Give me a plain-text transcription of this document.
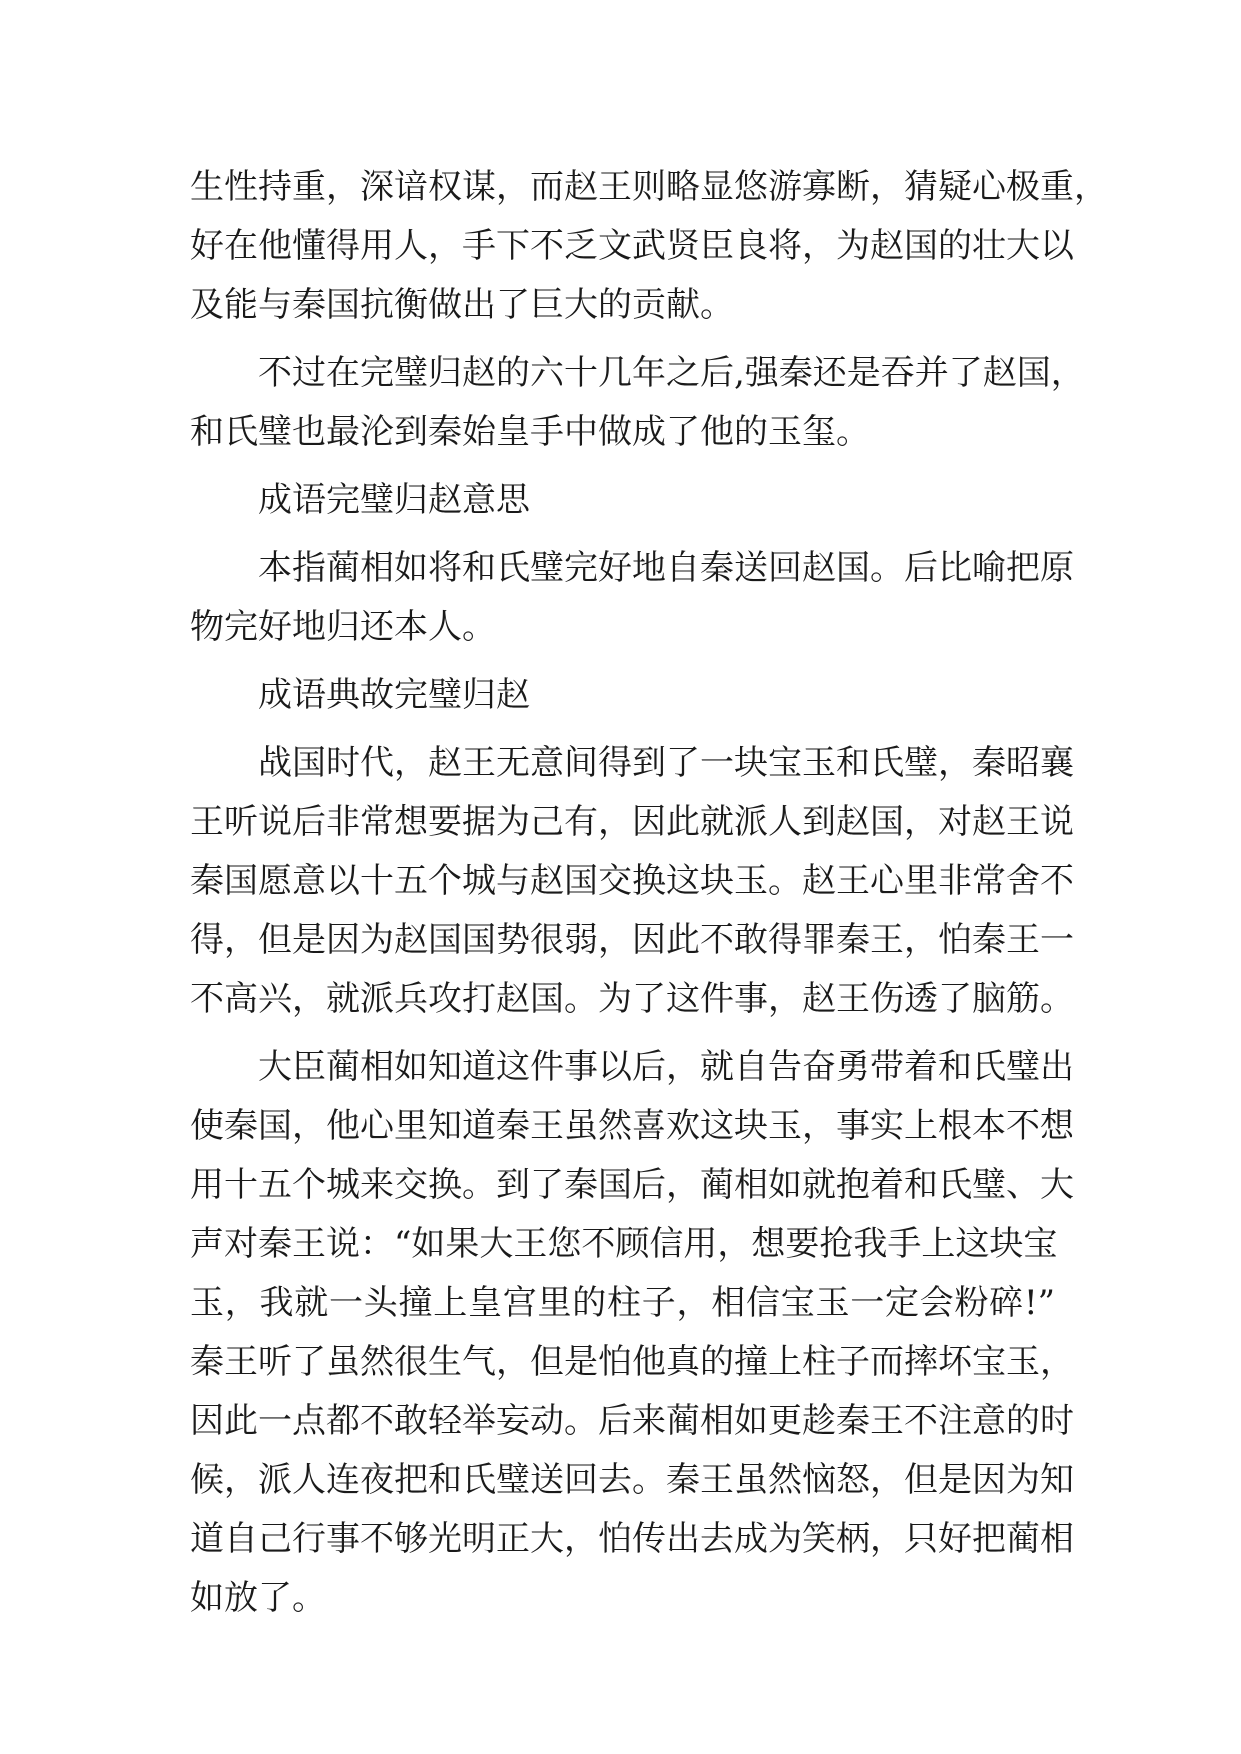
生性持重，深谙权谋，而赵王则略显悠游寡断，猜疑心极重，
好在他懂得用人，手下不乏文武贤臣良将，为赵国的壮大以
及能与秦国抗衡做出了巨大的贡献。
不过在完璧归赵的六十几年之后,强秦还是吞并了赵国，
和氏璧也最沦到秦始皇手中做成了他的玉玺。
成语完璧归赵意思
本指蔺相如将和氏璧完好地自秦送回赵国。后比喻把原
物完好地归还本人。
成语典故完璧归赵
战国时代，赵王无意间得到了一块宝玉和氏璧，秦昭襄
王听说后非常想要据为己有，因此就派人到赵国，对赵王说
秦国愿意以十五个城与赵国交换这块玉。赵王心里非常舍不
得，但是因为赵国国势很弱，因此不敢得罪秦王，怕秦王一
不高兴，就派兵攻打赵国。为了这件事，赵王伤透了脑筋。
大臣蔺相如知道这件事以后，就自告奋勇带着和氏璧出
使秦国，他心里知道秦王虽然喜欢这块玉，事实上根本不想
用十五个城来交换。到了秦国后，蔺相如就抱着和氏璧、大
声对秦王说：“如果大王您不顾信用，想要抢我手上这块宝
玉，我就一头撞上皇宫里的柱子，相信宝玉一定会粉碎!”
秦王听了虽然很生气，但是怕他真的撞上柱子而摔坏宝玉，
因此一点都不敢轻举妄动。后来蔺相如更趁秦王不注意的时
候，派人连夜把和氏璧送回去。秦王虽然恼怒，但是因为知
道自己行事不够光明正大，怕传出去成为笑柄，只好把蔺相
如放了。
